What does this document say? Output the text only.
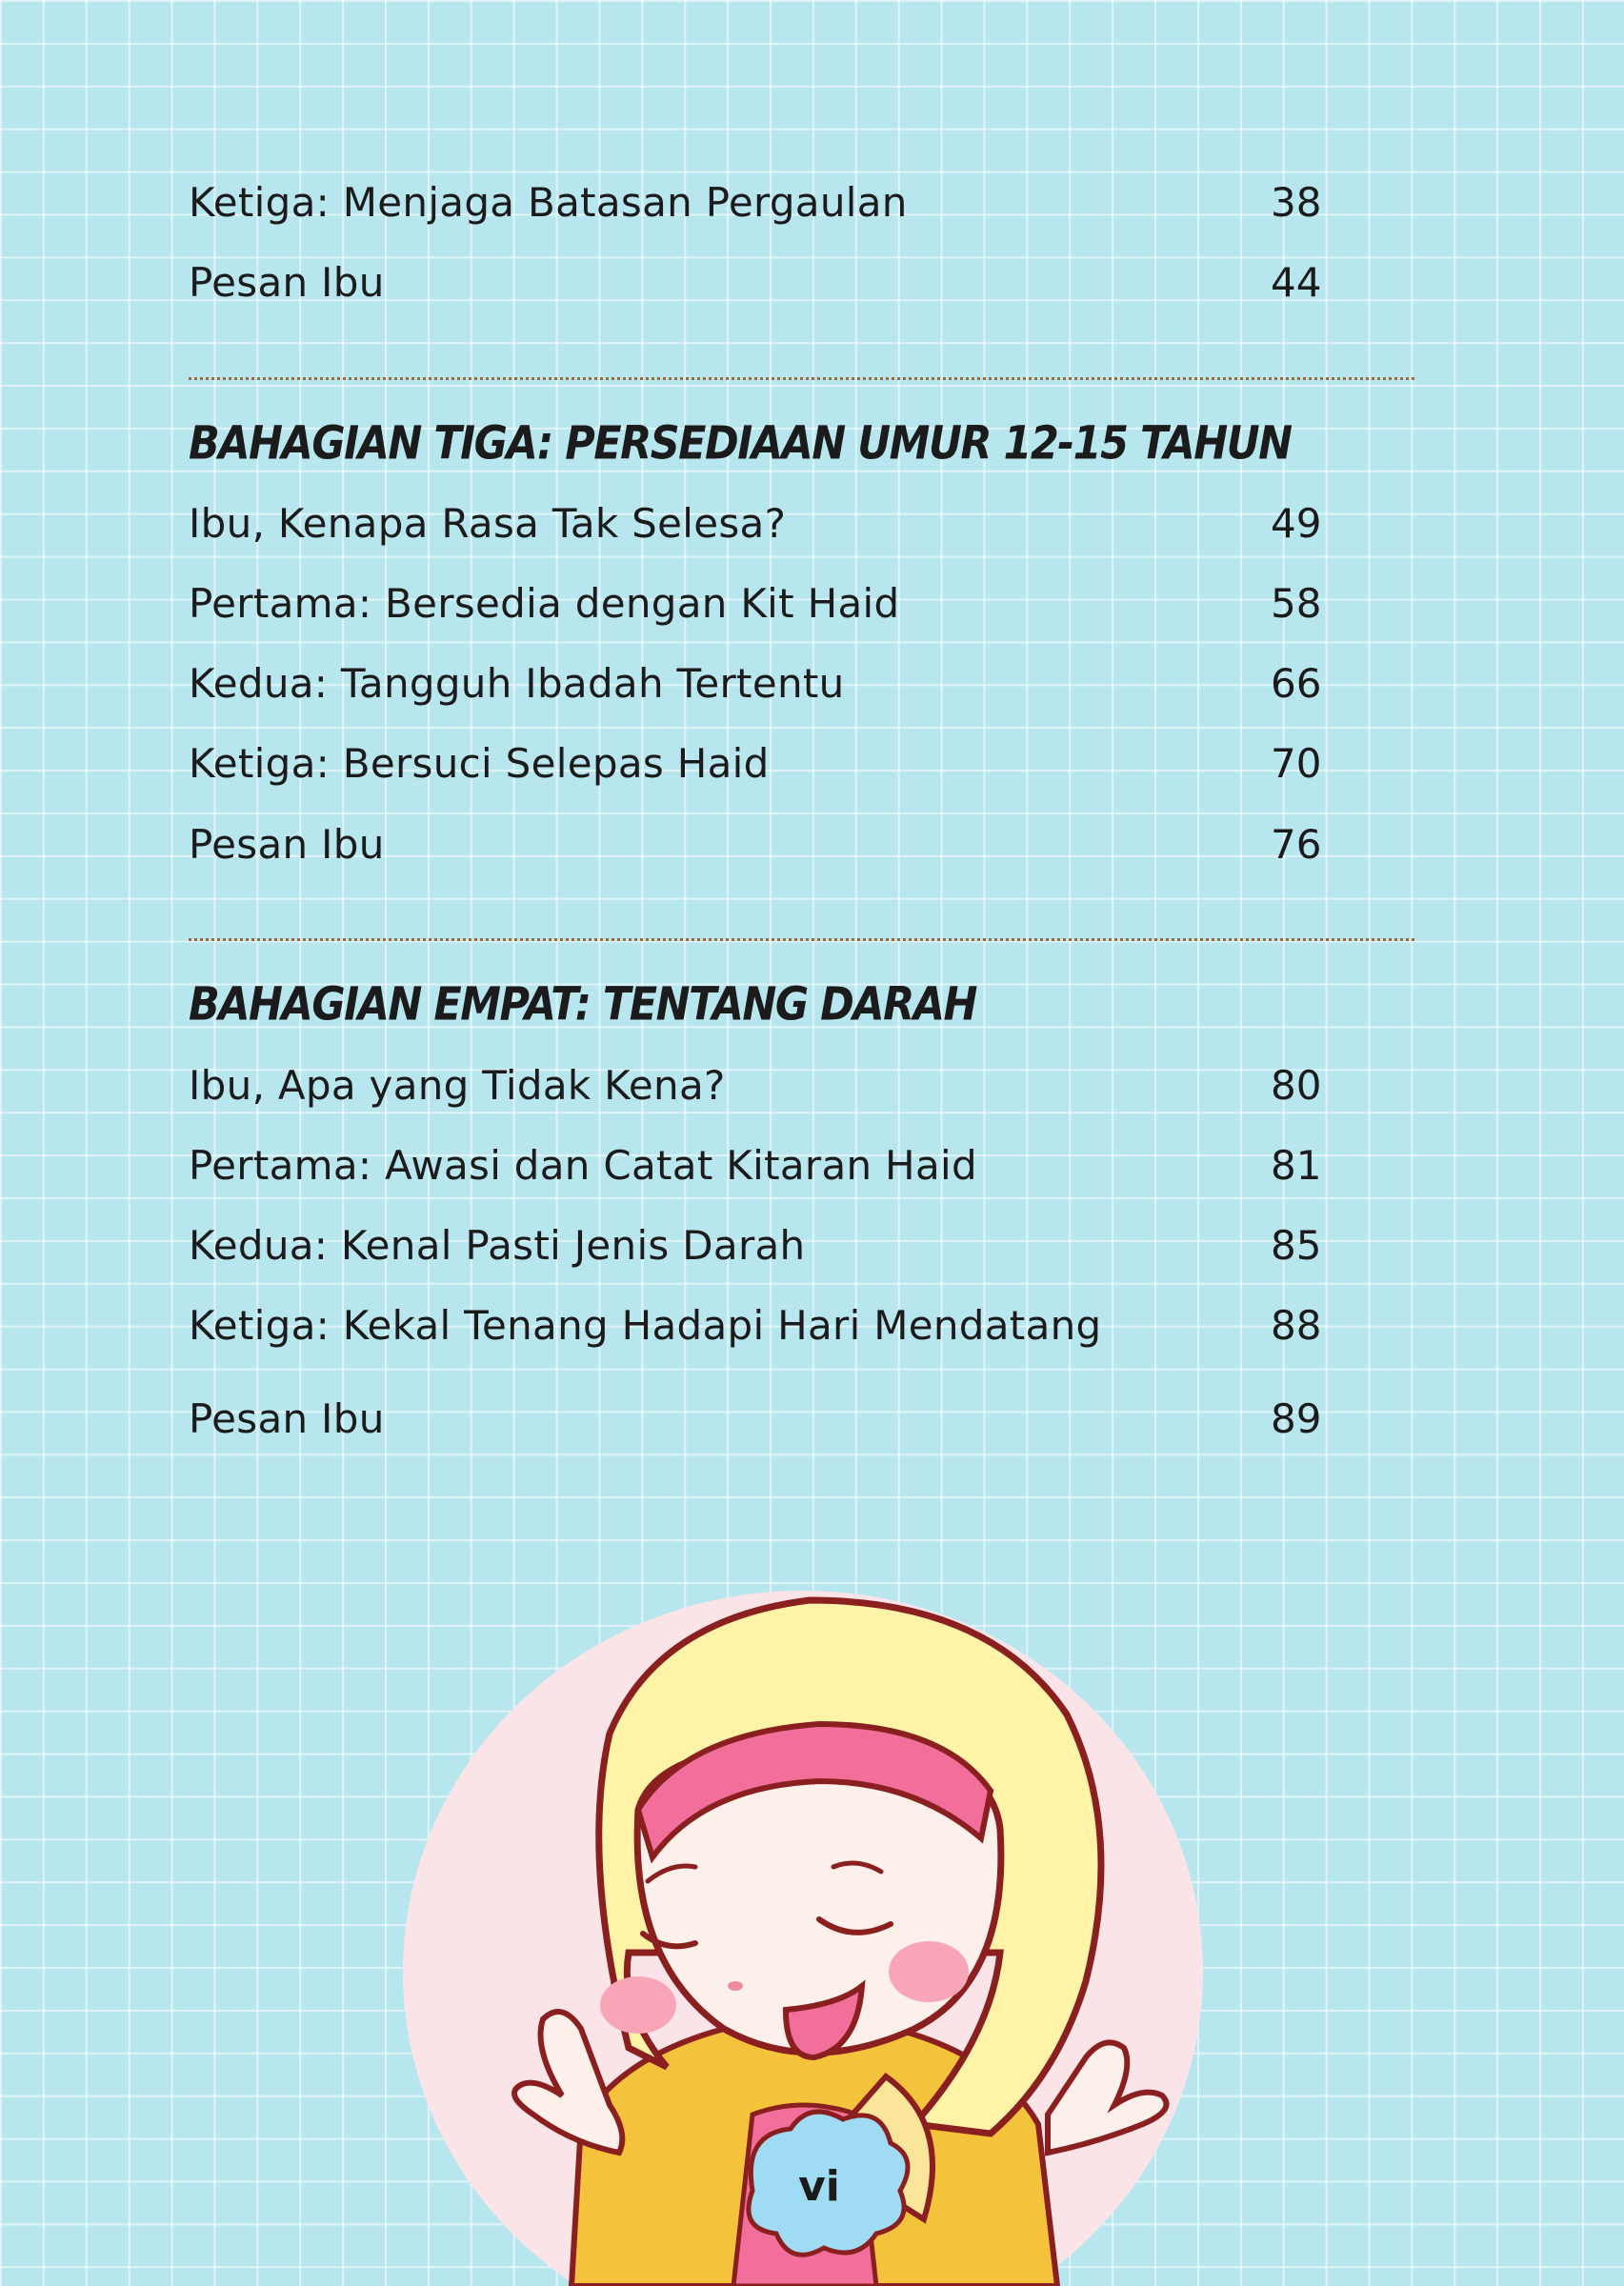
Ketiga: Menjaga Batasan Pergaulan	38
Pesan Ibu	44
BAHAGIAN TIGA: PERSEDIAAN UMUR 12-15 TAHUN
Ibu, Kenapa Rasa Tak Selesa?	49
Pertama: Bersedia dengan Kit Haid	58
Kedua: Tangguh Ibadah Tertentu	66
Ketiga: Bersuci Selepas Haid	70
Pesan Ibu	76
BAHAGIAN EMPAT: TENTANG DARAH
Ibu, Apa yang Tidak Kena?	80
Pertama: Awasi dan Catat Kitaran Haid	81
Kedua: Kenal Pasti Jenis Darah	85
Ketiga: Kekal Tenang Hadapi Hari Mendatang	88
Pesan Ibu	89
vi
